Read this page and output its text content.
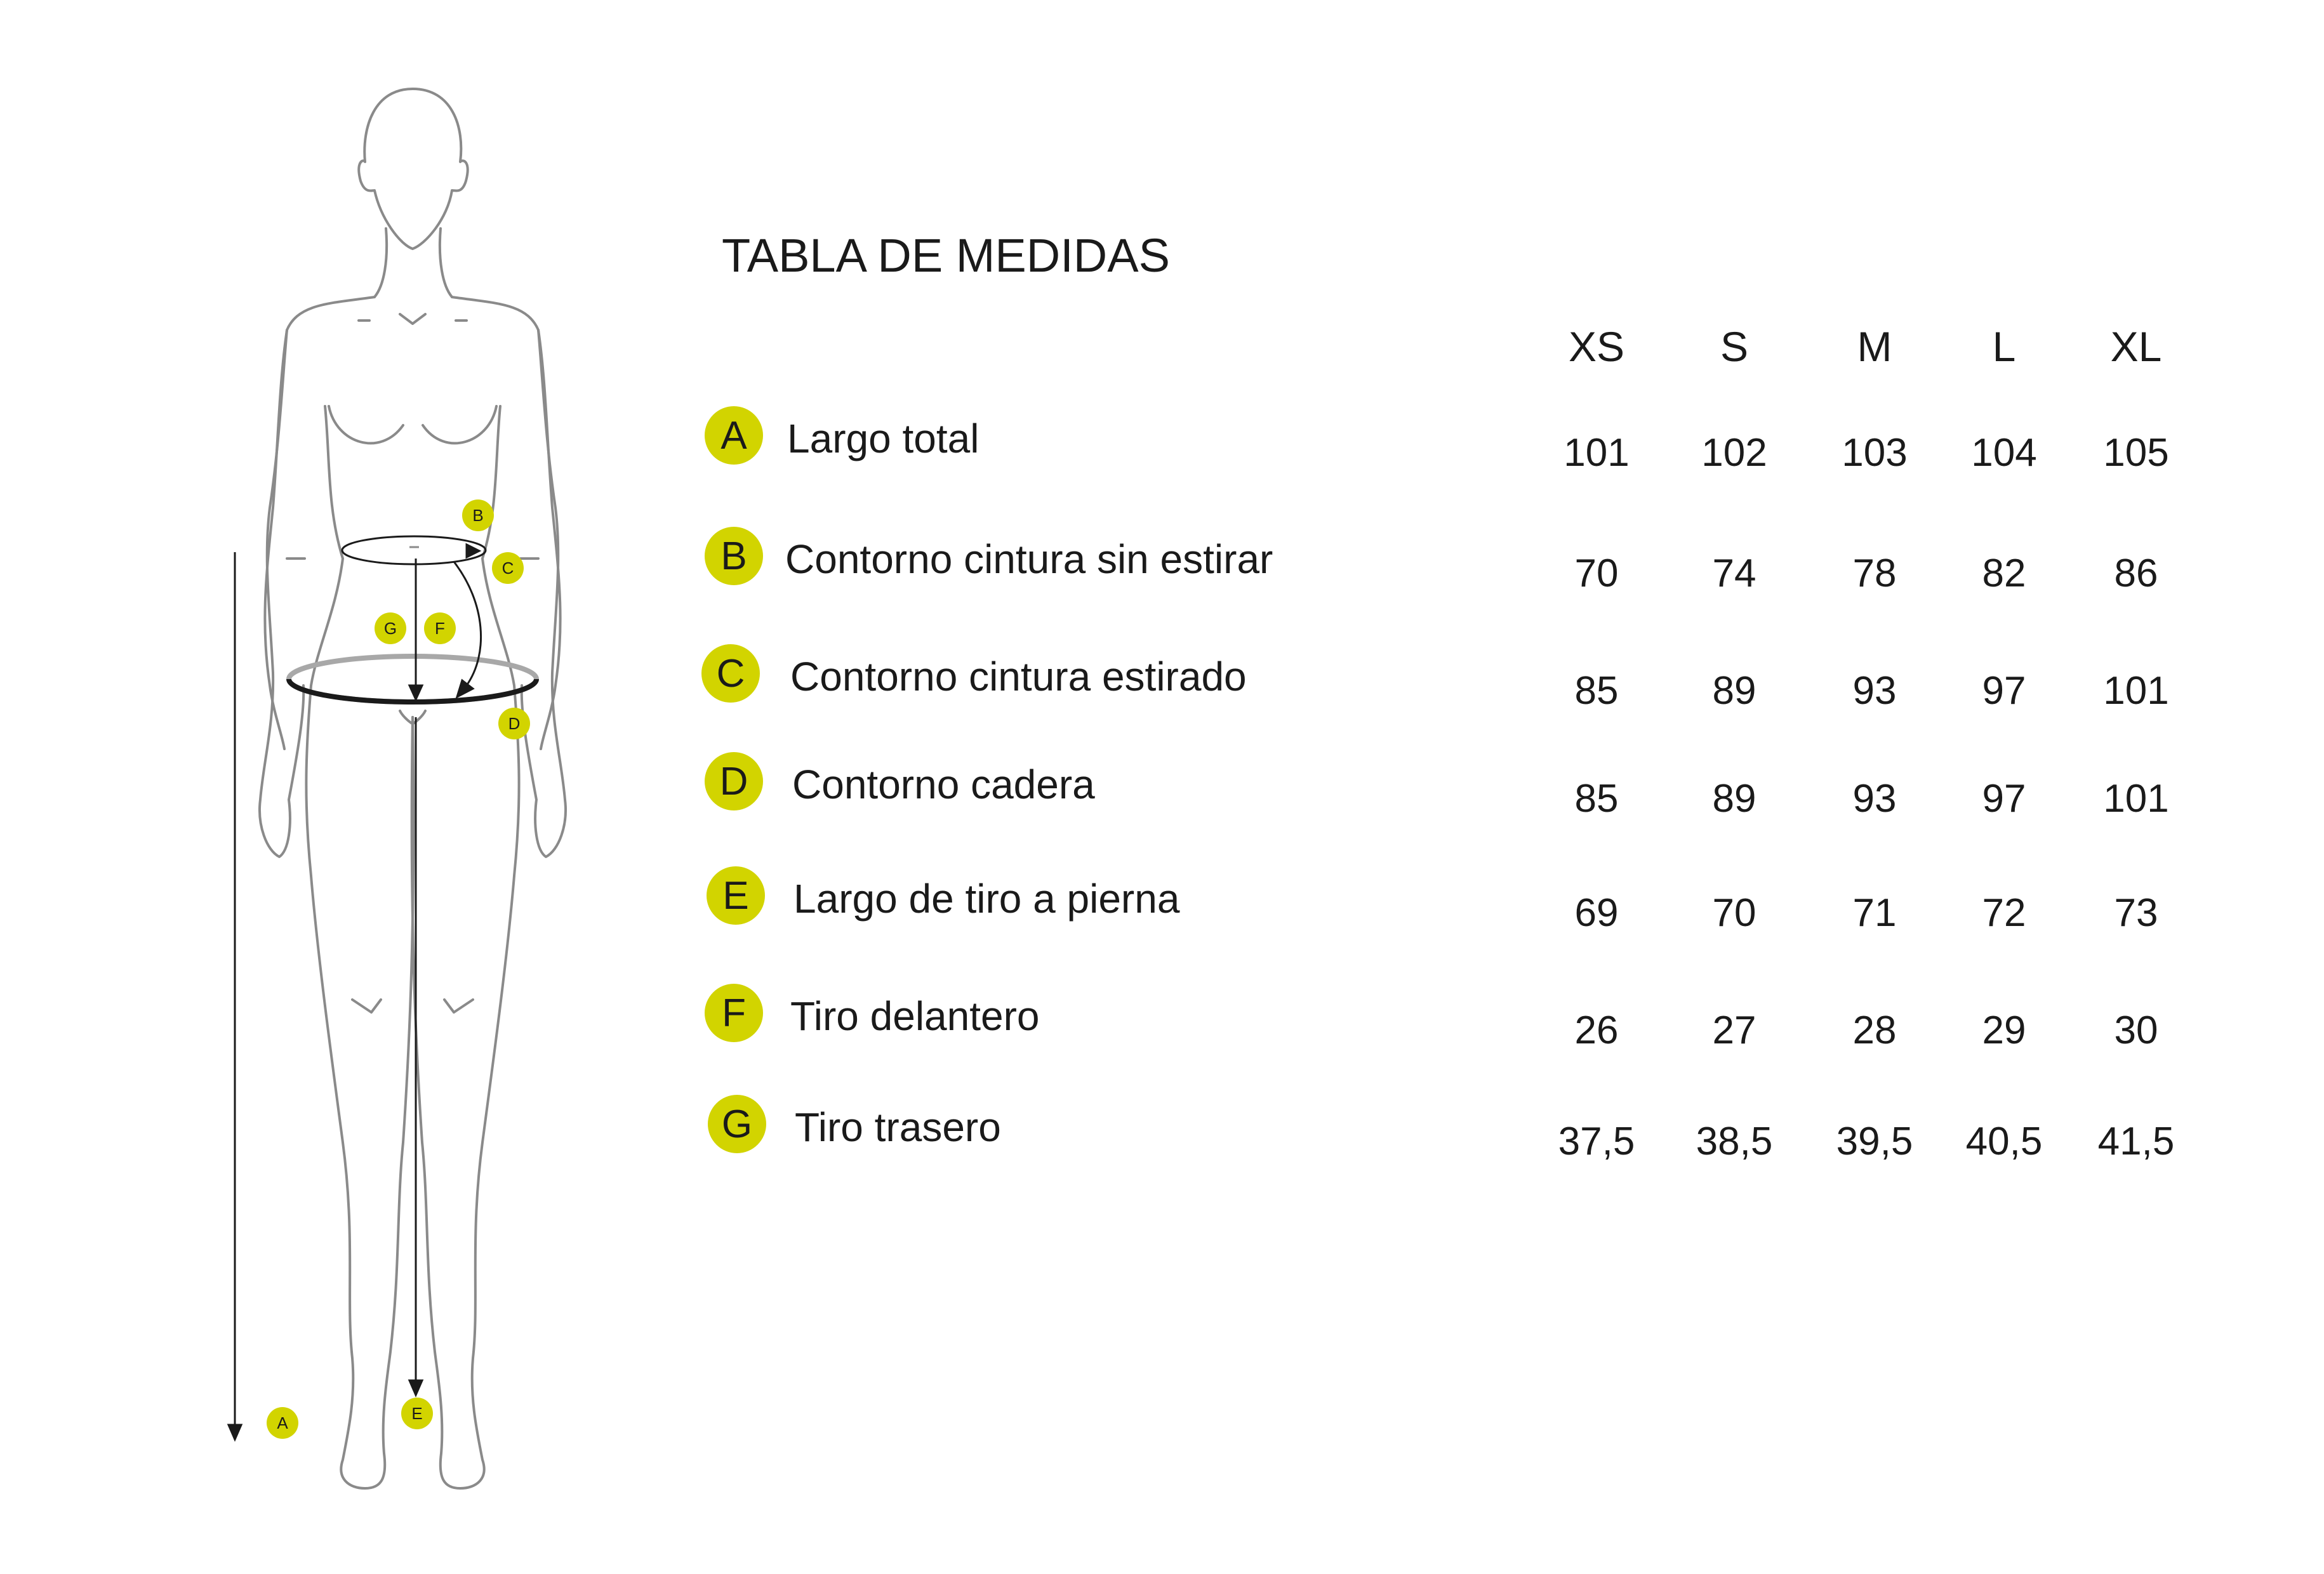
B
C
G F
D
E
A
TABLA DE MEDIDAS
XS	S	M	L	XL
A Largo total	101	102	103	104	105
B Contorno cintura sin estirar	70	74	78	82	86
C	Contorno cintura estirado	85	89	93	97	101
D	Contorno cadera	85	89	93	97	101
E	Largo de tiro a pierna	69	70	71	72	73
F	Tiro delantero	26	27	28	29	30
G	Tiro trasero	37,5	38,5	39,5	40,5	41,5
